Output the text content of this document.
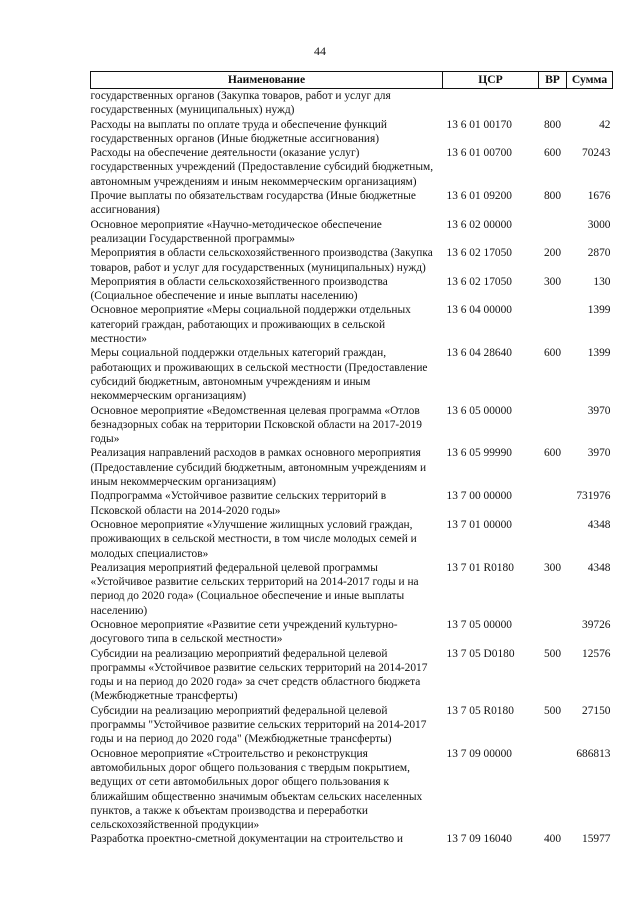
44
Наименование	ЦСР	ВР	Сумма
государственных органов (Закупка товаров, работ и услуг для государственных (муниципальных) нужд)			
Расходы на выплаты по оплате труда и обеспечение функций государственных органов (Иные бюджетные ассигнования)	13 6 01 00170	800	42
Расходы на обеспечение деятельности (оказание услуг) государственных учреждений (Предоставление субсидий бюджетным, автономным учреждениям и иным некоммерческим организациям)	13 6 01 00700	600	70243
Прочие выплаты по обязательствам государства (Иные бюджетные ассигнования)	13 6 01 09200	800	1676
Основное мероприятие «Научно-методическое обеспечение реализации Государственной программы»	13 6 02 00000		3000
Мероприятия в области сельскохозяйственного производства (Закупка товаров, работ и услуг для государственных (муниципальных) нужд)	13 6 02 17050	200	2870
Мероприятия в области сельскохозяйственного производства (Социальное обеспечение и иные выплаты населению)	13 6 02 17050	300	130
Основное мероприятие «Меры социальной поддержки отдельных категорий граждан, работающих и проживающих в сельской местности»	13 6 04 00000		1399
Меры социальной поддержки отдельных категорий граждан, работающих и проживающих в сельской местности (Предоставление субсидий бюджетным, автономным учреждениям и иным некоммерческим организациям)	13 6 04 28640	600	1399
Основное мероприятие «Ведомственная целевая программа «Отлов безнадзорных собак на территории Псковской области на 2017-2019 годы»	13 6 05 00000		3970
Реализация направлений расходов в рамках основного мероприятия (Предоставление субсидий бюджетным, автономным учреждениям и иным некоммерческим организациям)	13 6 05 99990	600	3970
Подпрограмма «Устойчивое развитие сельских территорий в Псковской области на 2014-2020 годы»	13 7 00 00000		731976
Основное мероприятие «Улучшение жилищных условий граждан, проживающих в сельской местности, в том числе молодых семей и молодых специалистов»	13 7 01 00000		4348
Реализация мероприятий федеральной целевой программы «Устойчивое развитие сельских территорий на 2014-2017 годы и на период до 2020 года» (Социальное обеспечение и иные выплаты населению)	13 7 01 R0180	300	4348
Основное мероприятие «Развитие сети учреждений культурно-досугового типа в сельской местности»	13 7 05 00000		39726
Субсидии на реализацию мероприятий федеральной целевой программы «Устойчивое развитие сельских территорий на 2014-2017 годы и на период до 2020 года» за счет средств областного бюджета (Межбюджетные трансферты)	13 7 05 D0180	500	12576
Субсидии на реализацию мероприятий федеральной целевой программы "Устойчивое развитие сельских территорий на 2014-2017 годы и на период до 2020 года" (Межбюджетные трансферты)	13 7 05 R0180	500	27150
Основное мероприятие «Строительство и реконструкция автомобильных дорог общего пользования с твердым покрытием, ведущих от сети автомобильных дорог общего пользования к ближайшим общественно значимым объектам сельских населенных пунктов, а также к объектам производства и переработки сельскохозяйственной продукции»	13 7 09 00000		686813
Разработка проектно-сметной документации на строительство и	13 7 09 16040	400	15977
